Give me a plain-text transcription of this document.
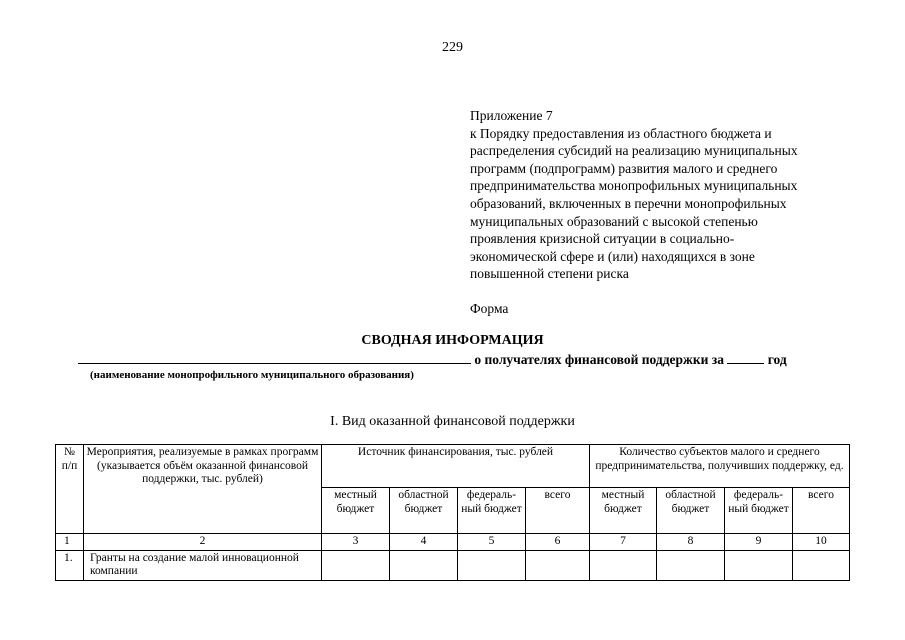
229
Приложение 7
к Порядку предоставления из областного бюджета и
распределения субсидий на реализацию муниципальных
программ (подпрограмм) развития малого и среднего
предпринимательства монопрофильных муниципальных
образований, включенных в перечни монопрофильных
муниципальных образований с высокой степенью
проявления кризисной ситуации в социально-
экономической сфере и (или) находящихся в зоне
повышенной степени риска
Форма
СВОДНАЯ ИНФОРМАЦИЯ
о получателях финансовой поддержки за	год
(наименование монопрофильного муниципального образования)
I. Вид оказанной финансовой поддержки
№ п/п	Мероприятия, реализуемые в рамках программ (указывается объём оказанной финансовой поддержки, тыс. рублей)	Источник финансирования, тыс. рублей				Количество субъектов малого и среднего предпринимательства, получивших поддержку, ед.			
		местный бюджет	областной бюджет	федераль-ный бюджет	всего	местный бюджет	областной бюджет	федераль-ный бюджет	всего
1	2	3	4	5	6	7	8	9	10
1.	Гранты на создание малой инновационной компании								
